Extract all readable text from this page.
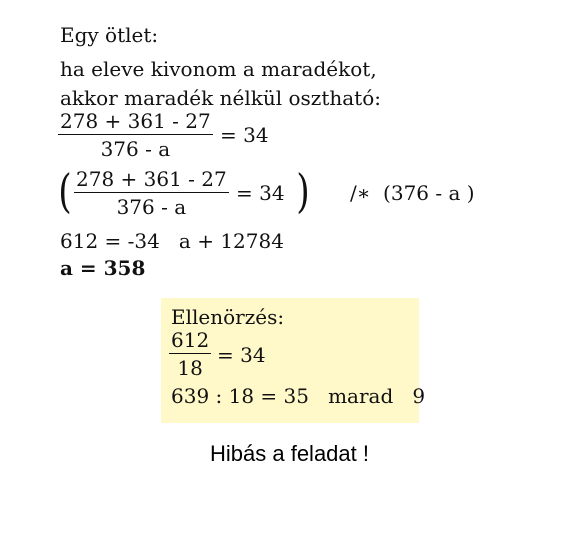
Egy ötlet:
ha eleve kivonom a maradékot,
akkor maradék nélkül osztható:
278 + 361 - 27
376 - a
= 34
( 278 + 361 - 27
376 - a
= 34 ) /∗  (376 - a )
612 = -34   a + 12784
a = 358
Ellenörzés:
612
18
= 34
639 : 18 = 35   marad   9
Hibás a feladat !
